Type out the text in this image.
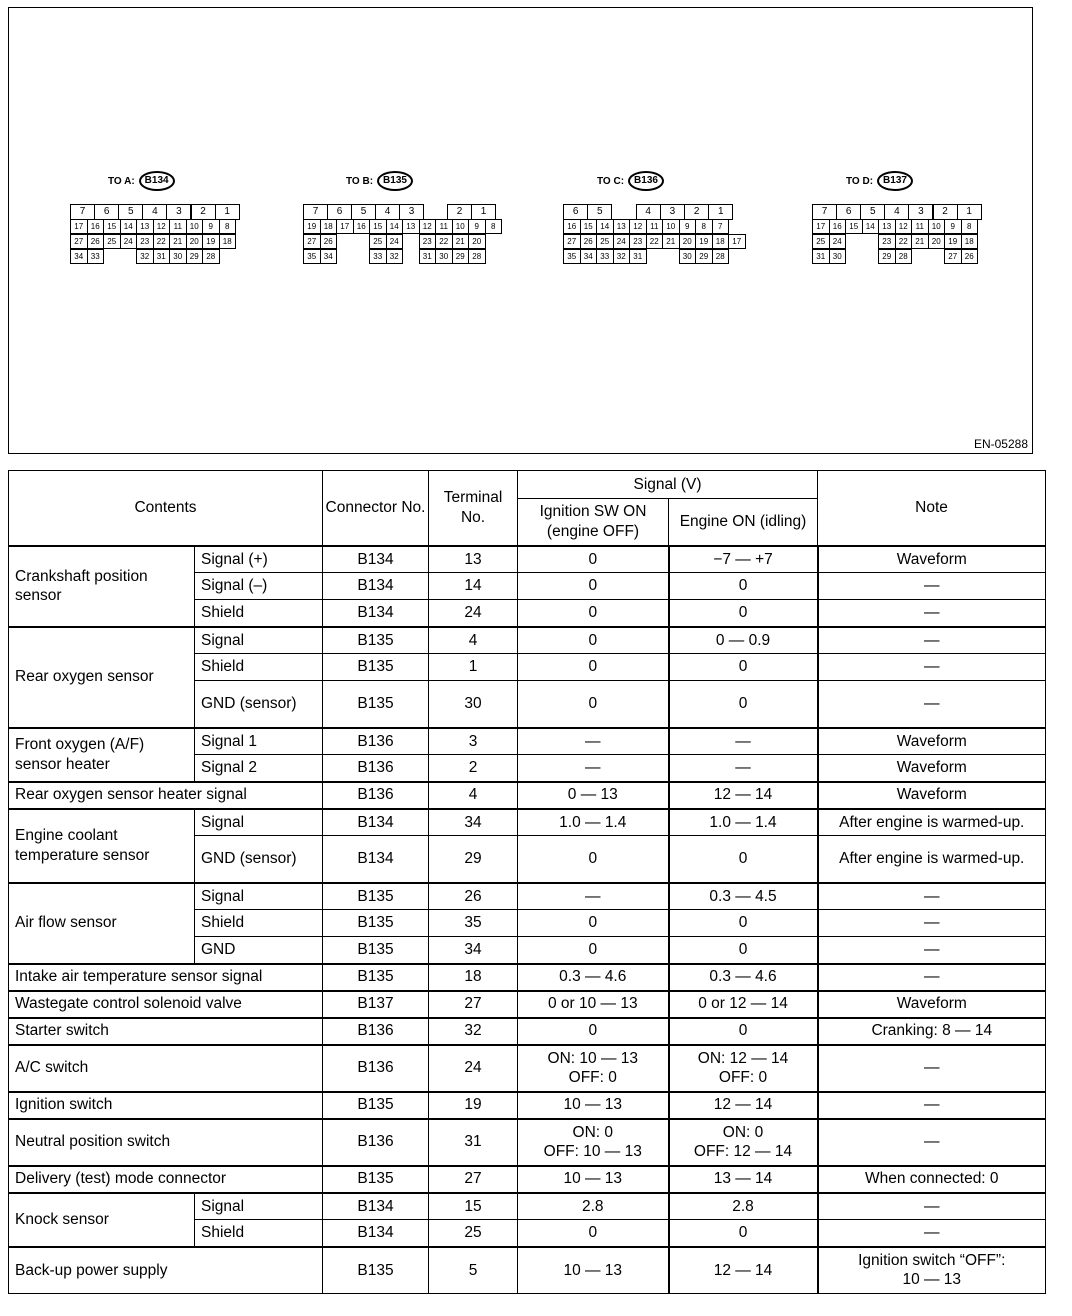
TO A:	B134	TO B:	B135	TO C:	B136	TO D:	B137
7	6	5	4	3	2	1
17 16 15 14 13 12 11 10	9	8
27 26 25 24 23 22 21 20 19 18
34 33	32 31 30 29 28
7	6	5	4	3	2	1
19 18 17 16 15 14 13 12 11 10	9	8
27 26	25 24	23 22 21 20
35 34	33 32	31 30 29 28
6	5	4	3	2	1
16 15 14 13 12 11 10	9	8	7
27 26 25 24 23 22 21 20 19 18 17
35 34 33 32 31	30 29 28
7	6	5	4	3	2	1
17 16 15 14 13 12 11 10	9	8
25 24	23 22 21 20 19 18
31 30	29 28	27 26
EN-05288
Contents		Connector No.	Terminal No.	Signal (V)		Note
				Ignition SW ON (engine OFF)	Engine ON (idling)	
Crankshaft position sensor	Signal (+)	B134	13	0	−7 — +7	Waveform
	Signal (–)	B134	14	0	0	—
	Shield	B134	24	0	0	—
Rear oxygen sensor	Signal	B135	4	0	0 — 0.9	—
	Shield	B135	1	0	0	—
	GND (sensor)	B135	30	0	0	—
Front oxygen (A/F) sensor heater	Signal 1	B136	3	—	—	Waveform
	Signal 2	B136	2	—	—	Waveform
Rear oxygen sensor heater signal		B136	4	0 — 13	12 — 14	Waveform
Engine coolant temperature sensor	Signal	B134	34	1.0 — 1.4	1.0 — 1.4	After engine is warmed-up.
	GND (sensor)	B134	29	0	0	After engine is warmed-up.
Air flow sensor	Signal	B135	26	—	0.3 — 4.5	—
	Shield	B135	35	0	0	—
	GND	B135	34	0	0	—
Intake air temperature sensor signal		B135	18	0.3 — 4.6	0.3 — 4.6	—
Wastegate control solenoid valve		B137	27	0 or 10 — 13	0 or 12 — 14	Waveform
Starter switch		B136	32	0	0	Cranking: 8 — 14
A/C switch		B136	24	ON: 10 — 13
OFF: 0	ON: 12 — 14
OFF: 0	—
Ignition switch		B135	19	10 — 13	12 — 14	—
Neutral position switch		B136	31	ON: 0
OFF: 10 — 13	ON: 0
OFF: 12 — 14	—
Delivery (test) mode connector		B135	27	10 — 13	13 — 14	When connected: 0
Knock sensor	Signal	B134	15	2.8	2.8	—
	Shield	B134	25	0	0	—
Back-up power supply		B135	5	10 — 13	12 — 14	Ignition switch “OFF”:
10 — 13
